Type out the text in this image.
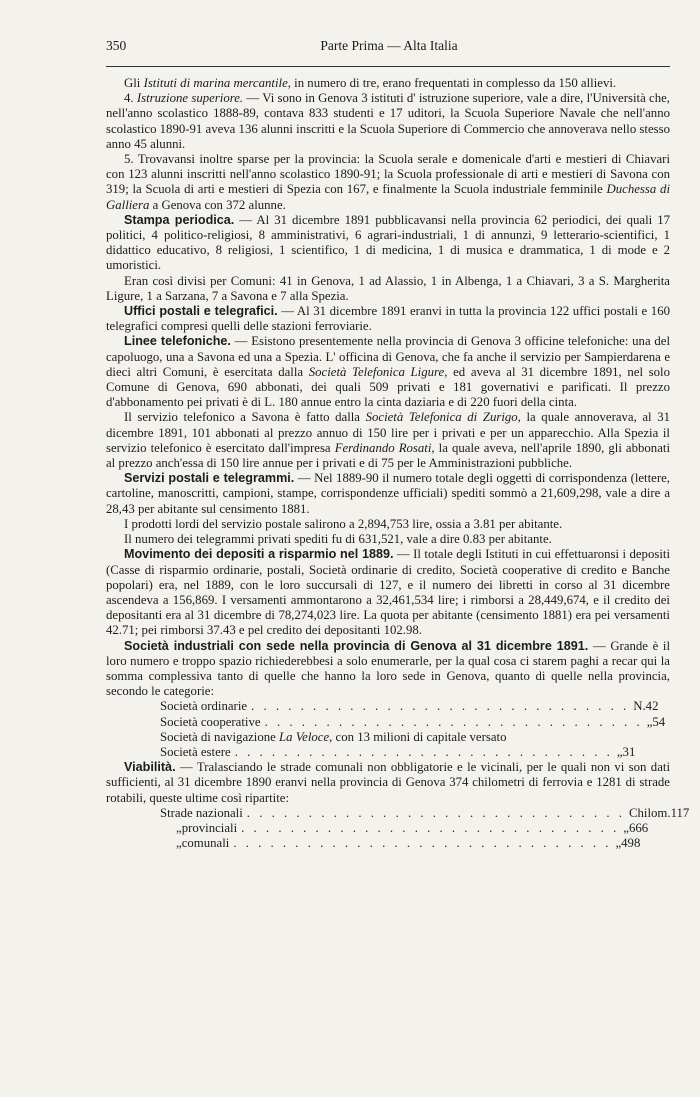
350	Parte Prima — Alta Italia

Gli Istituti di marina mercantile, in numero di tre, erano frequentati in complesso da 150 allievi.

4. Istruzione superiore. — Vi sono in Genova 3 istituti d' istruzione superiore, vale a dire, l'Università che, nell'anno scolastico 1888-89, contava 833 studenti e 17 uditori, la Scuola Superiore Navale che nell'anno scolastico 1890-91 aveva 136 alunni inscritti e la Scuola Superiore di Commercio che annoverava nello stesso anno 45 alunni.

5. Trovavansi inoltre sparse per la provincia: la Scuola serale e domenicale d'arti e mestieri di Chiavari con 123 alunni inscritti nell'anno scolastico 1890-91; la Scuola professionale di arti e mestieri di Savona con 319; la Scuola di arti e mestieri di Spezia con 167, e finalmente la Scuola industriale femminile Duchessa di Galliera a Genova con 372 alunne.

Stampa periodica. — Al 31 dicembre 1891 pubblicavansi nella provincia 62 periodici, dei quali 17 politici, 4 politico-religiosi, 8 amministrativi, 6 agrari-industriali, 1 di annunzi, 9 letterario-scientifici, 1 didattico educativo, 8 religiosi, 1 scientifico, 1 di medicina, 1 di musica e drammatica, 1 di mode e 2 umoristici.

Eran così divisi per Comuni: 41 in Genova, 1 ad Alassio, 1 in Albenga, 1 a Chiavari, 3 a S. Margherita Ligure, 1 a Sarzana, 7 a Savona e 7 alla Spezia.

Uffici postali e telegrafici. — Al 31 dicembre 1891 eranvi in tutta la provincia 122 uffici postali e 160 telegrafici compresi quelli delle stazioni ferroviarie.

Linee telefoniche. — Esistono presentemente nella provincia di Genova 3 officine telefoniche: una del capoluogo, una a Savona ed una a Spezia. L' officina di Genova, che fa anche il servizio per Sampierdarena e dieci altri Comuni, è esercitata dalla Società Telefonica Ligure, ed aveva al 31 dicembre 1891, nel solo Comune di Genova, 690 abbonati, dei quali 509 privati e 181 governativi e parificati. Il prezzo d'abbonamento pei privati è di L. 180 annue entro la cinta daziaria e di 220 fuori della cinta.

Il servizio telefonico a Savona è fatto dalla Società Telefonica di Zurigo, la quale annoverava, al 31 dicembre 1891, 101 abbonati al prezzo annuo di 150 lire per i privati e per un apparecchio. Alla Spezia il servizio telefonico è esercitato dall'impresa Ferdinando Rosati, la quale aveva, nell'aprile 1890, gli abbonati al prezzo anch'essa di 150 lire annue per i privati e di 75 per le Amministrazioni pubbliche.

Servizi postali e telegrammi. — Nel 1889-90 il numero totale degli oggetti di corrispondenza (lettere, cartoline, manoscritti, campioni, stampe, corrispondenze ufficiali) spediti sommò a 21,609,298, vale a dire a 28,43 per abitante sul censimento 1881.

I prodotti lordi del servizio postale salirono a 2,894,753 lire, ossia a 3.81 per abitante.

Il numero dei telegrammi privati spediti fu di 631,521, vale a dire 0.83 per abitante.

Movimento dei depositi a risparmio nel 1889. — Il totale degli Istituti in cui effettuaronsi i depositi (Casse di risparmio ordinarie, postali, Società ordinarie di credito, Società cooperative di credito e Banche popolari) era, nel 1889, con le loro succursali di 127, e il numero dei libretti in corso al 31 dicembre ascendeva a 156,869. I versamenti ammontarono a 32,461,534 lire; i rimborsi a 28,449,674, e il credito dei depositanti era al 31 dicembre di 78,274,023 lire. La quota per abitante (censimento 1881) era pei versamenti 42.71; pei rimborsi 37.43 e pel credito dei depositanti 102.98.

Società industriali con sede nella provincia di Genova al 31 dicembre 1891. — Grande è il loro numero e troppo spazio richiederebbesi a solo enumerarle, per la qual cosa ci starem paghi a recar qui la somma complessiva tanto di quelle che hanno la loro sede in Genova, quanto di quelle nella provincia, secondo le categorie:

Società ordinarie . . . . . . . . . . . . . . . . . . . . . . . . . . . . . . . N. 42
Società cooperative . . . . . . . . . . . . . . . . . . . . . . . . . . . . . . . „ 54
Società di navigazione La Veloce, con 13 milioni di capitale versato
Società estere . . . . . . . . . . . . . . . . . . . . . . . . . . . . . . . „ 31

Viabilità. — Tralasciando le strade comunali non obbligatorie e le vicinali, per le quali non vi son dati sufficienti, al 31 dicembre 1890 eranvi nella provincia di Genova 374 chilometri di ferrovia e 1281 di strade rotabili, queste ultime così ripartite:

Strade nazionali . . . . . . . . . . . . . . . . . . . . . . . . . . . . . . . Chilom. 117
„ provinciali . . . . . . . . . . . . . . . . . . . . . . . . . . . . . . . „ 666
„ comunali . . . . . . . . . . . . . . . . . . . . . . . . . . . . . . . „ 498
